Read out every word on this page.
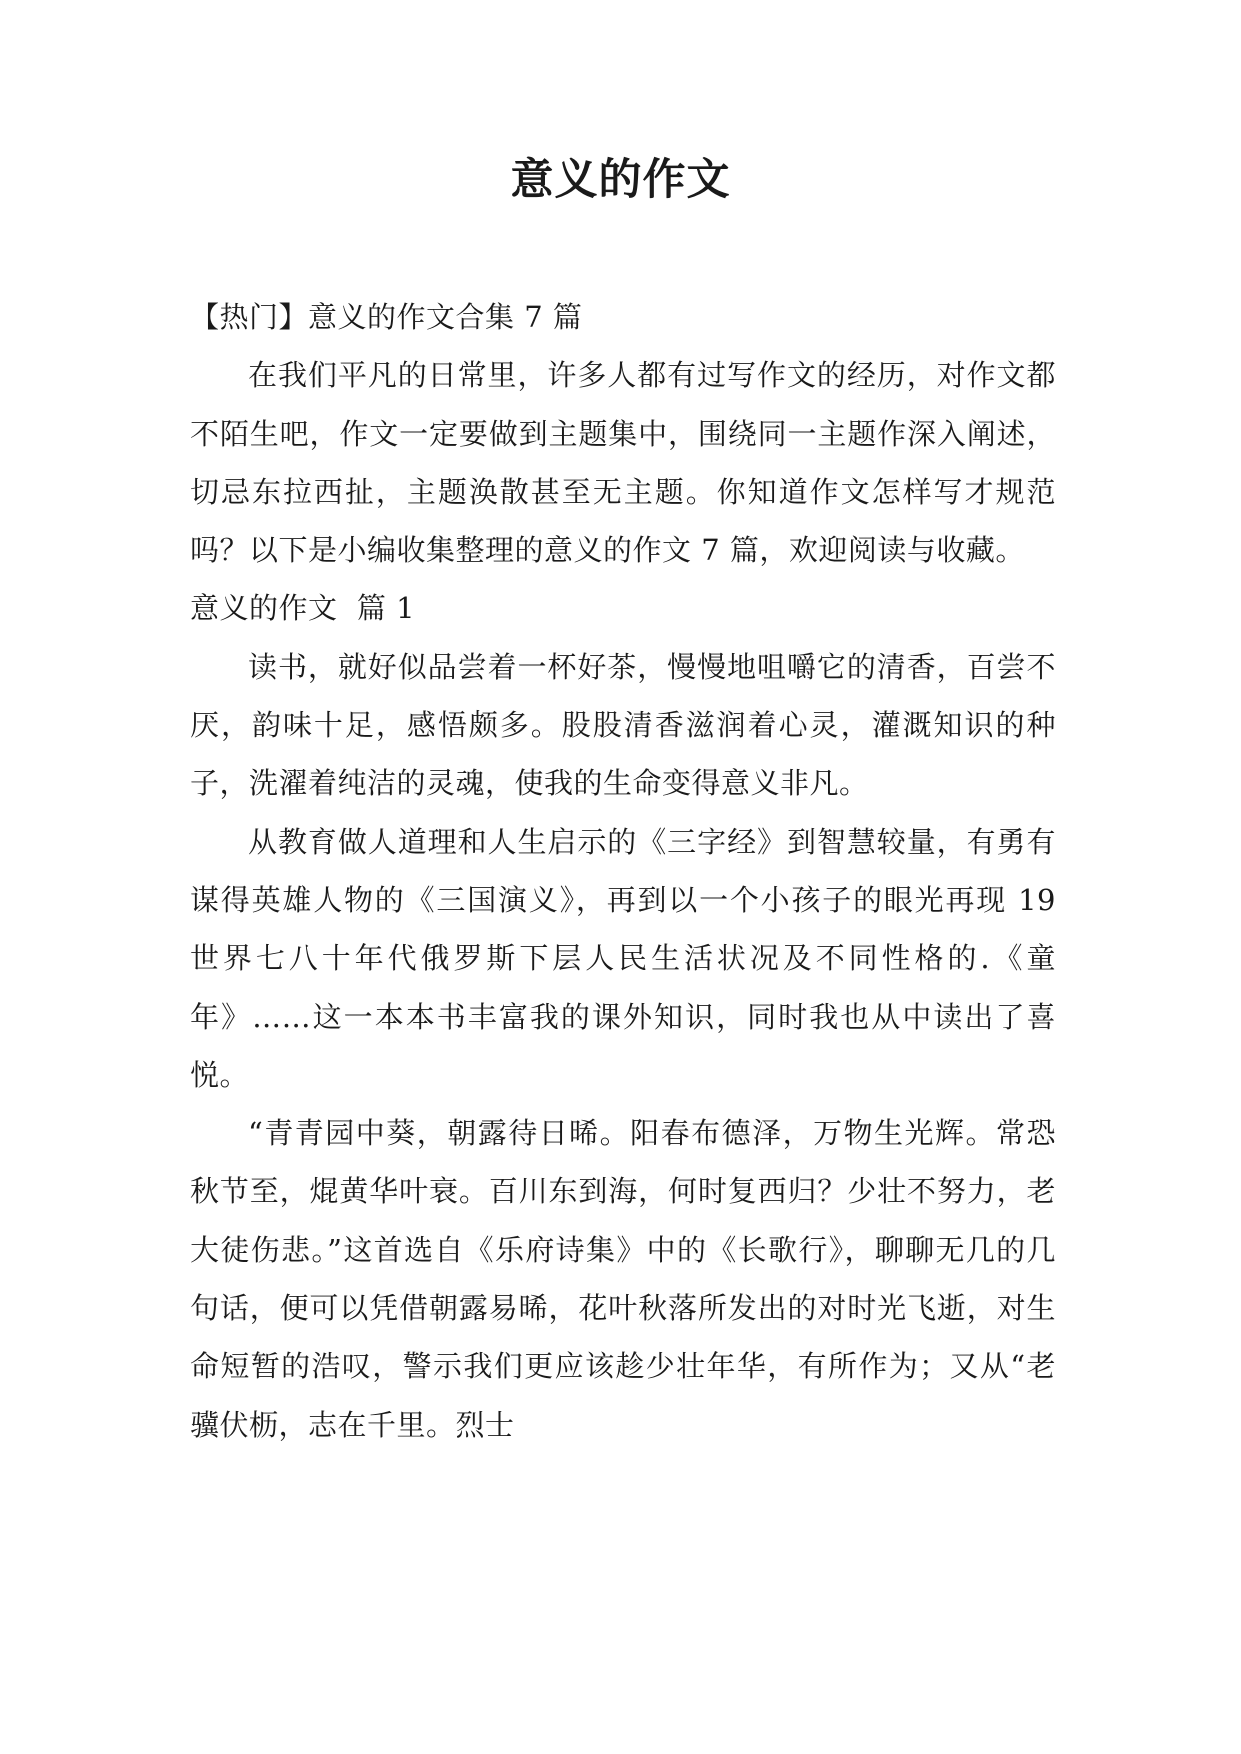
意义的作文

【热门】意义的作文合集 7 篇

在我们平凡的日常里，许多人都有过写作文的经历，对作文都不陌生吧，作文一定要做到主题集中，围绕同一主题作深入阐述，切忌东拉西扯，主题涣散甚至无主题。你知道作文怎样写才规范吗？以下是小编收集整理的意义的作文 7 篇，欢迎阅读与收藏。

意义的作文  篇 1

读书，就好似品尝着一杯好茶，慢慢地咀嚼它的清香，百尝不厌，韵味十足，感悟颇多。股股清香滋润着心灵，灌溉知识的种子，洗濯着纯洁的灵魂，使我的生命变得意义非凡。

从教育做人道理和人生启示的《三字经》到智慧较量，有勇有谋得英雄人物的《三国演义》，再到以一个小孩子的眼光再现 19 世界七八十年代俄罗斯下层人民生活状况及不同性格的.《童年》……这一本本书丰富我的课外知识，同时我也从中读出了喜悦。

“青青园中葵，朝露待日晞。阳春布德泽，万物生光辉。常恐秋节至，焜黄华叶衰。百川东到海，何时复西归？少壮不努力，老大徒伤悲。”这首选自《乐府诗集》中的《长歌行》，聊聊无几的几句话，便可以凭借朝露易晞，花叶秋落所发出的对时光飞逝，对生命短暂的浩叹，警示我们更应该趁少壮年华，有所作为；又从“老骥伏枥，志在千里。烈士
